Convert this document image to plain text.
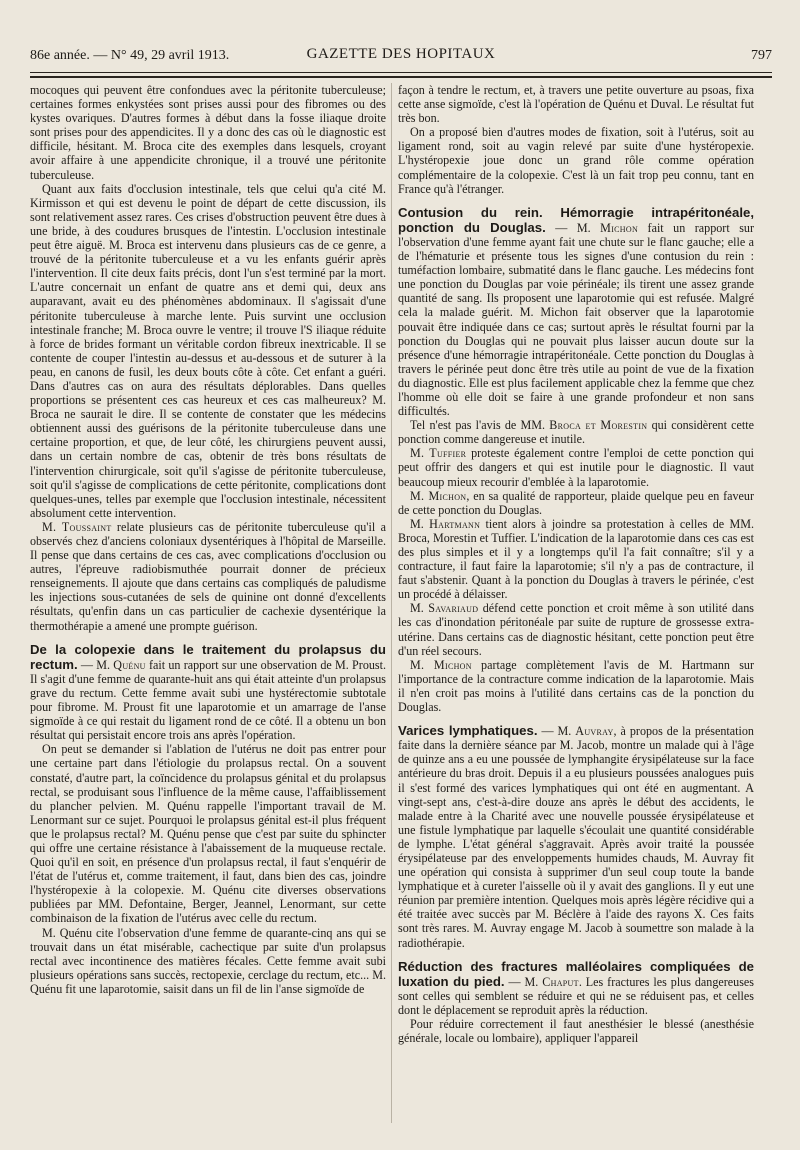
86e année. — N° 49, 29 avril 1913.	GAZETTE DES HOPITAUX	797

mocoques qui peuvent être confondues avec la péritonite tuberculeuse; certaines formes enkystées sont prises aussi pour des fibromes ou des kystes ovariques. D'autres formes à début dans la fosse iliaque droite sont prises pour des appendicites. Il y a donc des cas où le diagnostic est difficile, hésitant. M. Broca cite des exemples dans lesquels, croyant avoir affaire à une appendicite chronique, il a trouvé une péritonite tuberculeuse.

Quant aux faits d'occlusion intestinale, tels que celui qu'a cité M. Kirmisson et qui est devenu le point de départ de cette discussion, ils sont relativement assez rares. Ces crises d'obstruction peuvent être dues à une bride, à des coudures brusques de l'intestin. L'occlusion intestinale peut être aiguë. M. Broca est intervenu dans plusieurs cas de ce genre, a trouvé de la péritonite tuberculeuse et a vu les enfants guérir après l'intervention. Il cite deux faits précis, dont l'un s'est terminé par la mort. L'autre concernait un enfant de quatre ans et demi qui, deux ans auparavant, avait eu des phénomènes abdominaux. Il s'agissait d'une péritonite tuberculeuse à marche lente. Puis survint une occlusion intestinale franche; M. Broca ouvre le ventre; il trouve l'S iliaque réduite à force de brides formant un véritable cordon fibreux inextricable. Il se contente de couper l'intestin au-dessus et au-dessous et de suturer à la peau, en canons de fusil, les deux bouts côte à côte. Cet enfant a guéri. Dans d'autres cas on aura des résultats déplorables. Dans quelles proportions se présentent ces cas heureux et ces cas malheureux? M. Broca ne saurait le dire. Il se contente de constater que les médecins obtiennent aussi des guérisons de la péritonite tuberculeuse dans une certaine proportion, et que, de leur côté, les chirurgiens peuvent aussi, dans un certain nombre de cas, obtenir de très bons résultats de l'intervention chirurgicale, soit qu'il s'agisse de péritonite tuberculeuse, soit qu'il s'agisse de complications de cette péritonite, complications dont quelques-unes, telles par exemple que l'occlusion intestinale, nécessitent absolument cette intervention.

M. Toussaint relate plusieurs cas de péritonite tuberculeuse qu'il a observés chez d'anciens coloniaux dysentériques à l'hôpital de Marseille. Il pense que dans certains de ces cas, avec complications d'occlusion ou autres, l'épreuve radiobismuthée pourrait donner de précieux renseignements. Il ajoute que dans certains cas compliqués de paludisme les injections sous-cutanées de sels de quinine ont donné d'excellents résultats, qu'enfin dans un cas particulier de cachexie dysentérique la thermothérapie a amené une prompte guérison.

De la colopexie dans le traitement du prolapsus du rectum. — M. Quénu fait un rapport sur une observation de M. Proust. Il s'agit d'une femme de quarante-huit ans qui était atteinte d'un prolapsus grave du rectum. Cette femme avait subi une hystérectomie subtotale pour fibrome. M. Proust fit une laparotomie et un amarrage de l'anse sigmoïde à ce qui restait du ligament rond de ce côté. Il a obtenu un bon résultat qui persistait encore trois ans après l'opération.

On peut se demander si l'ablation de l'utérus ne doit pas entrer pour une certaine part dans l'étiologie du prolapsus rectal. On a souvent constaté, d'autre part, la coïncidence du prolapsus génital et du prolapsus rectal, se produisant sous l'influence de la même cause, l'affaiblissement du plancher pelvien. M. Quénu rappelle l'important travail de M. Lenormant sur ce sujet. Pourquoi le prolapsus génital est-il plus fréquent que le prolapsus rectal? M. Quénu pense que c'est par suite du sphincter qui offre une certaine résistance à l'abaissement de la muqueuse rectale. Quoi qu'il en soit, en présence d'un prolapsus rectal, il faut s'enquérir de l'état de l'utérus et, comme traitement, il faut, dans bien des cas, joindre l'hystéropexie à la colopexie. M. Quénu cite diverses observations publiées par MM. Defontaine, Berger, Jeannel, Lenormant, sur cette combinaison de la fixation de l'utérus avec celle du rectum.

M. Quénu cite l'observation d'une femme de quarante-cinq ans qui se trouvait dans un état misérable, cachectique par suite d'un prolapsus rectal avec incontinence des matières fécales. Cette femme avait subi plusieurs opérations sans succès, rectopexie, cerclage du rectum, etc... M. Quénu fit une laparotomie, saisit dans un fil de lin l'anse sigmoïde de

façon à tendre le rectum, et, à travers une petite ouverture au psoas, fixa cette anse sigmoïde, c'est là l'opération de Quénu et Duval. Le résultat fut très bon.

On a proposé bien d'autres modes de fixation, soit à l'utérus, soit au ligament rond, soit au vagin relevé par suite d'une hystéropexie. L'hystéropexie joue donc un grand rôle comme opération complémentaire de la colopexie. C'est là un fait trop peu connu, tant en France qu'à l'étranger.

Contusion du rein. Hémorragie intrapéritonéale, ponction du Douglas. — M. Michon fait un rapport sur l'observation d'une femme ayant fait une chute sur le flanc gauche; elle a de l'hématurie et présente tous les signes d'une contusion du rein : tuméfaction lombaire, submatité dans le flanc gauche. Les médecins font une ponction du Douglas par voie périnéale; ils tirent une assez grande quantité de sang. Ils proposent une laparotomie qui est refusée. Malgré cela la malade guérit. M. Michon fait observer que la laparotomie pouvait être indiquée dans ce cas; surtout après le résultat fourni par la ponction du Douglas qui ne pouvait plus laisser aucun doute sur la présence d'une hémorragie intrapéritonéale. Cette ponction du Douglas à travers le périnée peut donc être très utile au point de vue de la fixation du diagnostic. Elle est plus facilement applicable chez la femme que chez l'homme où elle doit se faire à une grande profondeur et non sans difficultés.

Tel n'est pas l'avis de MM. Broca et Morestin qui considèrent cette ponction comme dangereuse et inutile.

M. Tuffier proteste également contre l'emploi de cette ponction qui peut offrir des dangers et qui est inutile pour le diagnostic. Il vaut beaucoup mieux recourir d'emblée à la laparotomie.

M. Michon, en sa qualité de rapporteur, plaide quelque peu en faveur de cette ponction du Douglas.

M. Hartmann tient alors à joindre sa protestation à celles de MM. Broca, Morestin et Tuffier. L'indication de la laparotomie dans ces cas est des plus simples et il y a longtemps qu'il l'a fait connaître; s'il y a contracture, il faut faire la laparotomie; s'il n'y a pas de contracture, il faut s'abstenir. Quant à la ponction du Douglas à travers le périnée, c'est un procédé à délaisser.

M. Savariaud défend cette ponction et croit même à son utilité dans les cas d'inondation péritonéale par suite de rupture de grossesse extra-utérine. Dans certains cas de diagnostic hésitant, cette ponction peut être d'un réel secours.

M. Michon partage complètement l'avis de M. Hartmann sur l'importance de la contracture comme indication de la laparotomie. Mais il n'en croit pas moins à l'utilité dans certains cas de la ponction du Douglas.

Varices lymphatiques. — M. Auvray, à propos de la présentation faite dans la dernière séance par M. Jacob, montre un malade qui à l'âge de quinze ans a eu une poussée de lymphangite érysipélateuse sur la face antérieure du bras droit. Depuis il a eu plusieurs poussées analogues puis il s'est formé des varices lymphatiques qui ont été en augmentant. A vingt-sept ans, c'est-à-dire douze ans après le début des accidents, le malade entre à la Charité avec une nouvelle poussée érysipélateuse et une fistule lymphatique par laquelle s'écoulait une quantité considérable de lymphe. L'état général s'aggravait. Après avoir traité la poussée érysipélateuse par des enveloppements humides chauds, M. Auvray fit une opération qui consista à supprimer d'un seul coup toute la bande lymphatique et à cureter l'aisselle où il y avait des ganglions. Il y eut une réunion par première intention. Quelques mois après légère récidive qui a été traitée avec succès par M. Béclère à l'aide des rayons X. Ces faits sont très rares. M. Auvray engage M. Jacob à soumettre son malade à la radiothérapie.

Réduction des fractures malléolaires compliquées de luxation du pied. — M. Chaput. Les fractures les plus dangereuses sont celles qui semblent se réduire et qui ne se réduisent pas, et celles dont le déplacement se reproduit après la réduction.

Pour réduire correctement il faut anesthésier le blessé (anesthésie générale, locale ou lombaire), appliquer l'appareil
